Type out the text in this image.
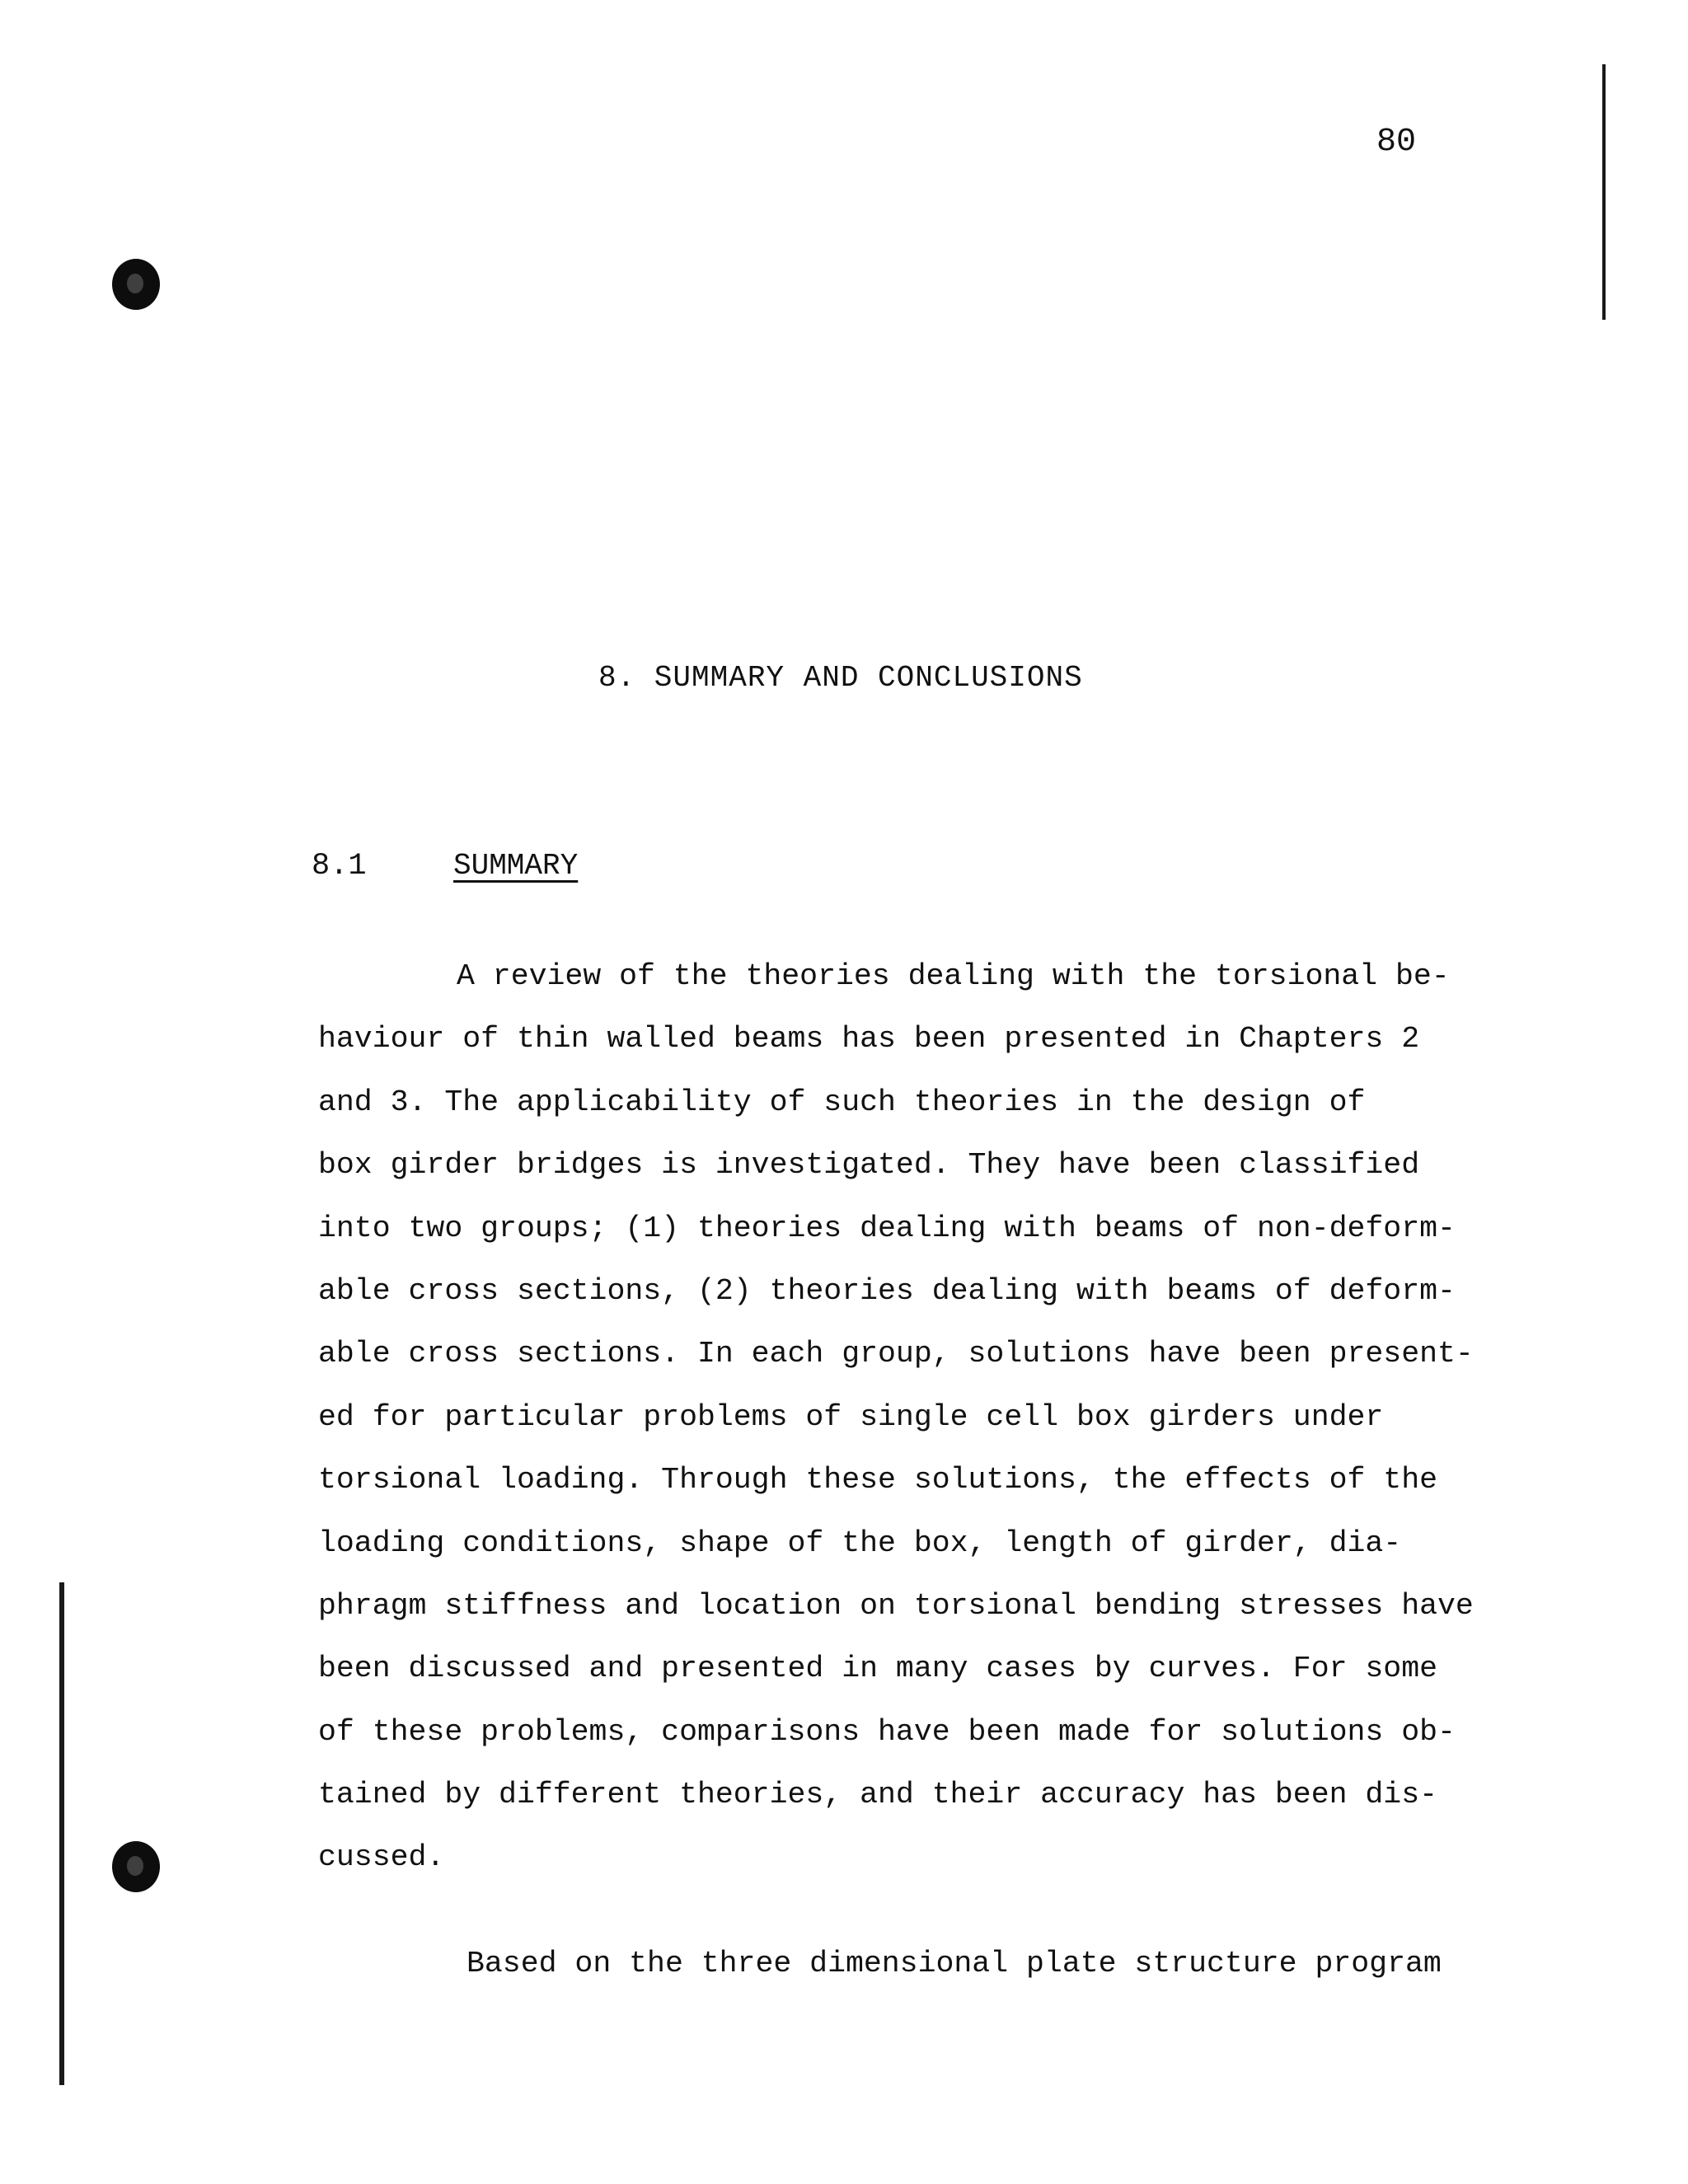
80
8. SUMMARY AND CONCLUSIONS
8.1	SUMMARY
A review of the theories dealing with the torsional be-
haviour of thin walled beams has been presented in Chapters 2
and 3. The applicability of such theories in the design of
box girder bridges is investigated. They have been classified
into two groups; (1) theories dealing with beams of non-deform-
able cross sections, (2) theories dealing with beams of deform-
able cross sections. In each group, solutions have been present-
ed for particular problems of single cell box girders under
torsional loading. Through these solutions, the effects of the
loading conditions, shape of the box, length of girder, dia-
phragm stiffness and location on torsional bending stresses have
been discussed and presented in many cases by curves. For some
of these problems, comparisons have been made for solutions ob-
tained by different theories, and their accuracy has been dis-
cussed.
Based on the three dimensional plate structure program
